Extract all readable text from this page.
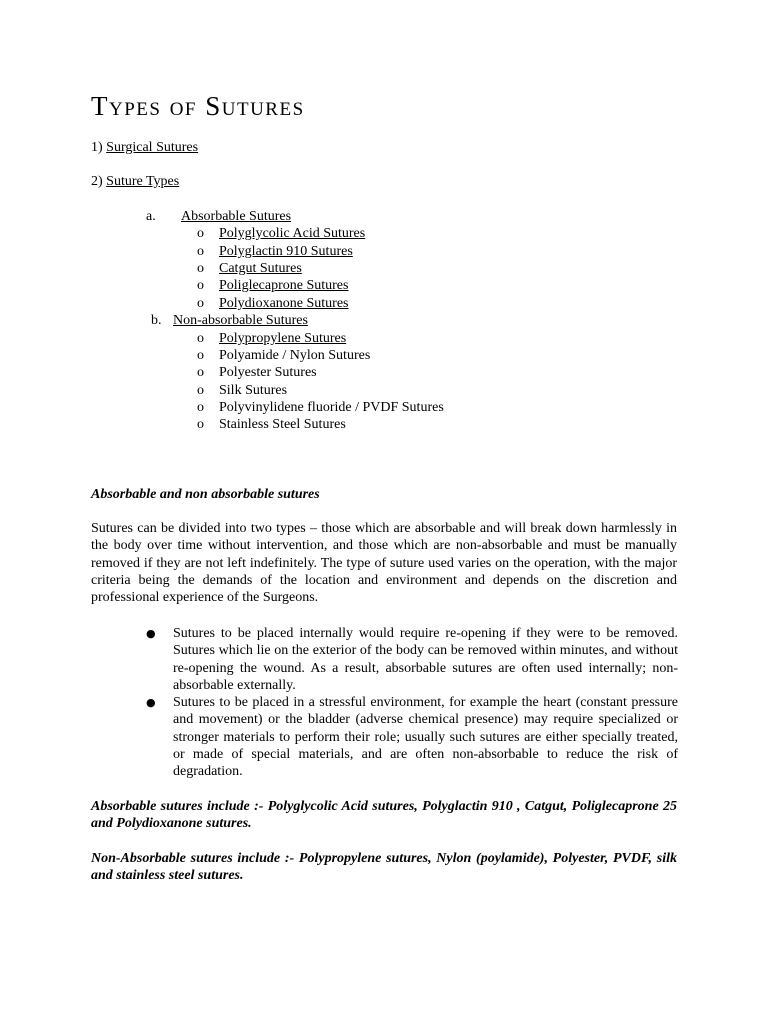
Types of Sutures
1) Surgical Sutures
2) Suture Types
a. Absorbable Sutures
o Polyglycolic Acid Sutures
o Polyglactin 910 Sutures
o Catgut Sutures
o Poliglecaprone Sutures
o Polydioxanone Sutures
b. Non-absorbable Sutures
o Polypropylene Sutures
o Polyamide / Nylon Sutures
o Polyester Sutures
o Silk Sutures
o Polyvinylidene fluoride / PVDF Sutures
o Stainless Steel Sutures
Absorbable and non absorbable sutures

Sutures can be divided into two types – those which are absorbable and will break down harmlessly in the body over time without intervention, and those which are non-absorbable and must be manually removed if they are not left indefinitely. The type of suture used varies on the operation, with the major criteria being the demands of the location and environment and depends on the discretion and professional experience of the Surgeons.

● Sutures to be placed internally would require re-opening if they were to be removed. Sutures which lie on the exterior of the body can be removed within minutes, and without re-opening the wound. As a result, absorbable sutures are often used internally; non-absorbable externally.
● Sutures to be placed in a stressful environment, for example the heart (constant pressure and movement) or the bladder (adverse chemical presence) may require specialized or stronger materials to perform their role; usually such sutures are either specially treated, or made of special materials, and are often non-absorbable to reduce the risk of degradation.

Absorbable sutures include :- Polyglycolic Acid sutures, Polyglactin 910 , Catgut, Poliglecaprone 25 and Polydioxanone sutures.

Non-Absorbable sutures include :- Polypropylene sutures, Nylon (poylamide), Polyester, PVDF, silk and stainless steel sutures.
